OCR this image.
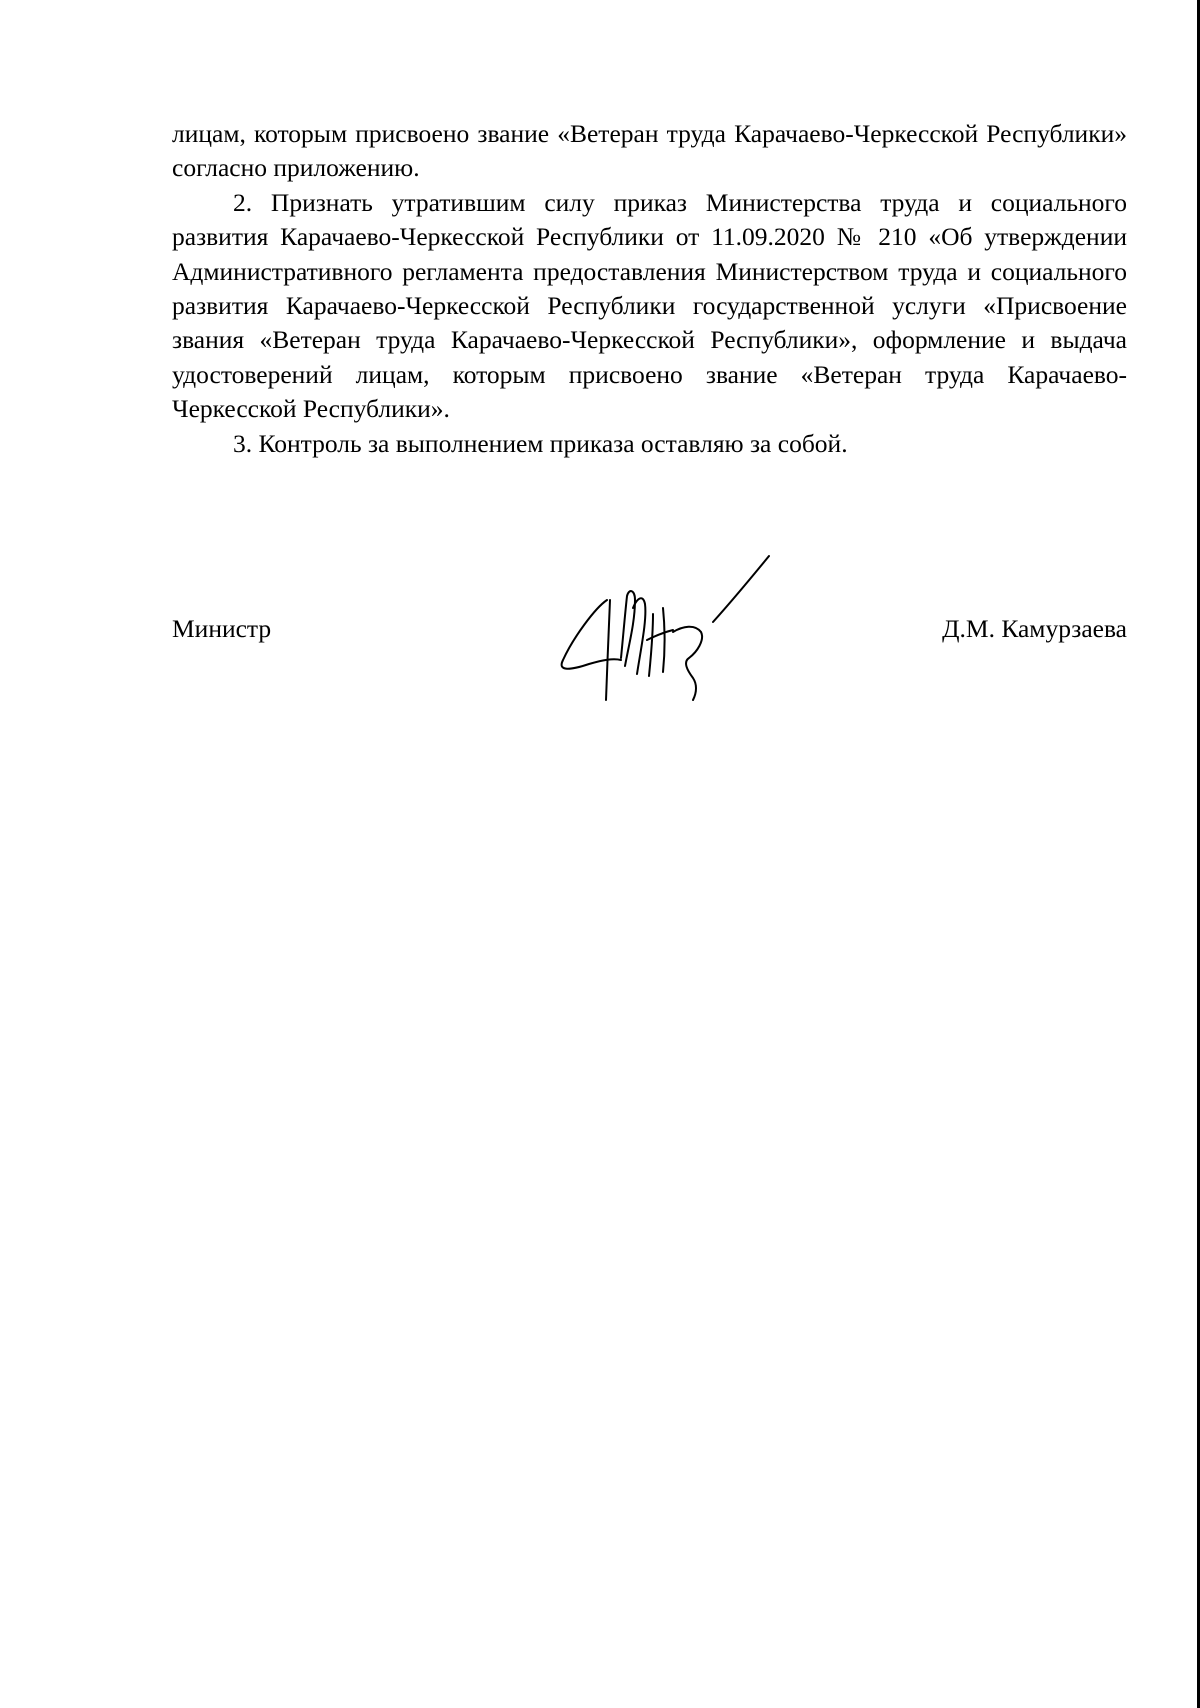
лицам, которым присвоено звание «Ветеран труда Карачаево-Черкесской Республики» согласно приложению.

2. Признать утратившим силу приказ Министерства труда и социального развития Карачаево-Черкесской Республики от 11.09.2020 № 210 «Об утверждении Административного регламента предоставления Министерством труда и социального развития Карачаево-Черкесской Республики государственной услуги «Присвоение звания «Ветеран труда Карачаево-Черкесской Республики», оформление и выдача удостоверений лицам, которым присвоено звание «Ветеран труда Карачаево-Черкесской Республики».

3. Контроль за выполнением приказа оставляю за собой.

Министр	Д.М. Камурзаева
